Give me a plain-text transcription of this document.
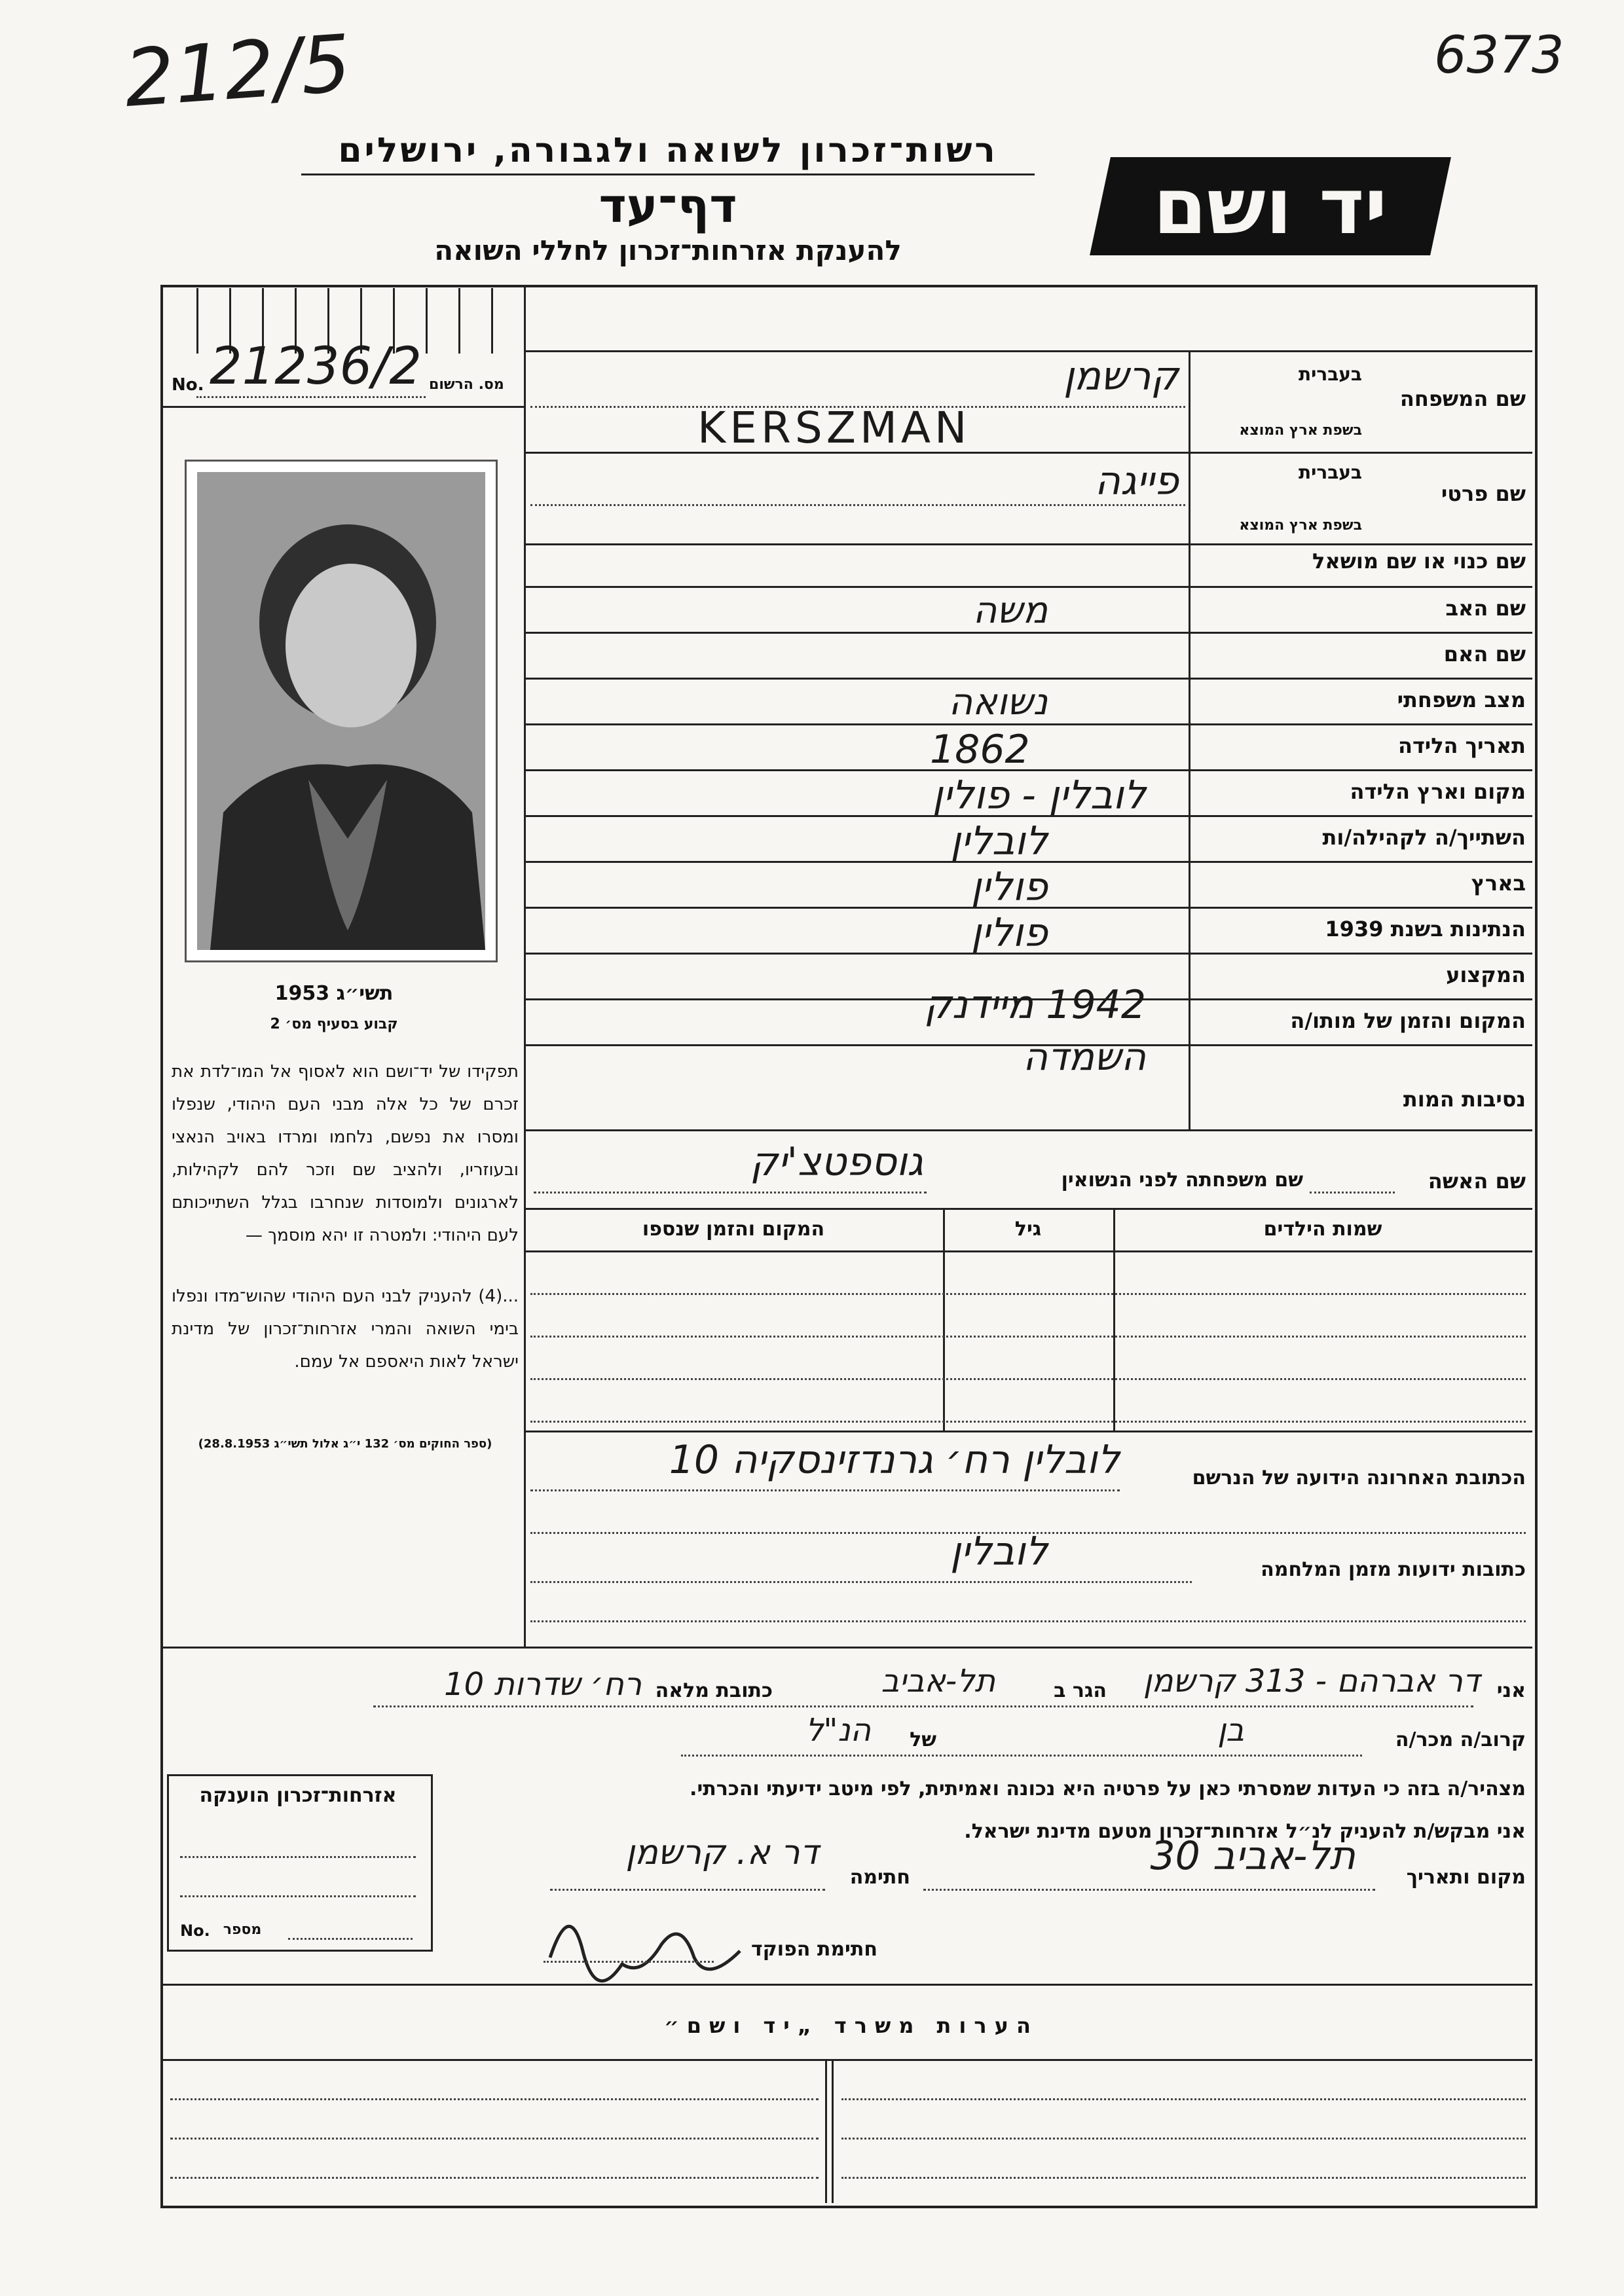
212/5	6373
רשות־זכרון לשואה ולגבורה, ירושלים
דף־עד
להענקת אזרחות־זכרון לחללי השואה	יד ושם
No. 21236/2 מס. הרשום
תשי״ג 1953
קבוע בסעיף מס׳ 2
תפקידו של יד־ושם הוא לאסוף אל המו־לדת את זכרם של כל אלה מבני העם היהודי, שנפלו ומסרו את נפשם, נלחמו ומרדו באויב הנאצי ובעוזריו, ולהציב שם וזכר להם לקהילות, לארגונים ולמוסדות שנחרבו בגלל השתייכותם לעם היהודי: ולמטרה זו יהא מוסמך —
...(4) להעניק לבני העם היהודי שהוש־מדו ונפלו בימי השואה והמרי אזרחות־זכרון של מדינת ישראל לאות היאספם אל עמם.
(ספר החוקים מס׳ 132 י״ג אלול תשי״ג 28.8.1953)
שם המשפחה
בעברית
בשפת ארץ המוצא
קרשמן
KERSZMAN
שם פרטי
בעברית
בשפת ארץ המוצא
פייגה
שם כנוי או שם מושאל
שם האב
משה
שם האם
מצב משפחתי
נשואה
תאריך הלידה
1862
מקום וארץ הלידה
לובלין - פולין
השתייך/ה לקהילה/ות
לובלין
בארץ
פולין
הנתינות בשנת 1939
פולין
המקצוע
המקום והזמן של מותו/ה
1942 מיידנק
נסיבות המות
השמדה
שם האשה
שם משפחתה לפני הנשואין
גוספטצ'יק
שמות הילדים
גיל
המקום והזמן שנספו
הכתובת האחרונה הידועה של הנרשם
לובלין רח׳ גרנדזינסקיה 10
כתובות ידועות מזמן המלחמה
לובלין
אני
דר אברהם - 313 קרשמן
הגר ב
תל-אביב
כתובת מלאה
רח׳ שדרות 10
קרוב/ה מכר/ה
בן
של
הנ"ל
מצהיר/ה בזה כי העדות שמסרתי כאן על פרטיה היא נכונה ואמיתית, לפי מיטב ידיעתי והכרתי.
אני מבקש/ת להעניק לנ״ל אזרחות־זכרון מטעם מדינת ישראל.
מקום ותאריך
תל-אביב 30
חתימה
דר א. קרשמן
חתימת הפוקד
אזרחות־זכרון הוענקה
No. מספר
הערות משרד „יד ושם״
